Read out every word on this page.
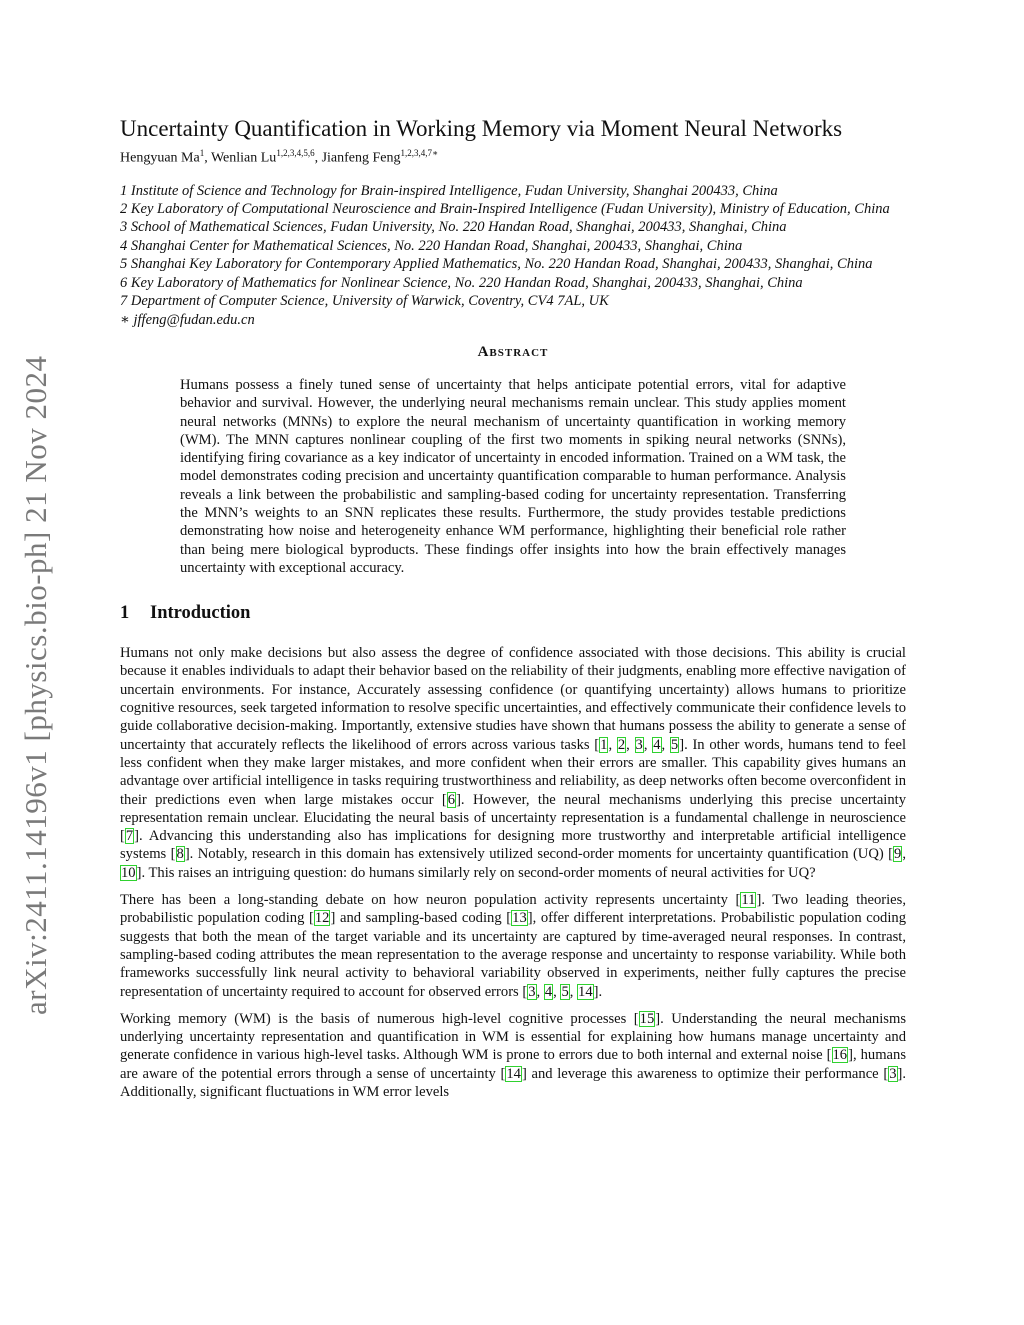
arXiv:2411.14196v1 [physics.bio-ph] 21 Nov 2024
Uncertainty Quantification in Working Memory via Moment Neural Networks
Hengyuan Ma$^1$, Wenlian Lu$^{1,2,3,4,5,6}$, Jianfeng Feng$^{1,2,3,4,7∗}$
1 Institute of Science and Technology for Brain-inspired Intelligence, Fudan University, Shanghai 200433, China
2 Key Laboratory of Computational Neuroscience and Brain-Inspired Intelligence (Fudan University), Ministry of Education, China
3 School of Mathematical Sciences, Fudan University, No. 220 Handan Road, Shanghai, 200433, Shanghai, China
4 Shanghai Center for Mathematical Sciences, No. 220 Handan Road, Shanghai, 200433, Shanghai, China
5 Shanghai Key Laboratory for Contemporary Applied Mathematics, No. 220 Handan Road, Shanghai, 200433, Shanghai, China
6 Key Laboratory of Mathematics for Nonlinear Science, No. 220 Handan Road, Shanghai, 200433, Shanghai, China
7 Department of Computer Science, University of Warwick, Coventry, CV4 7AL, UK
∗ jffeng@fudan.edu.cn
Abstract

Humans possess a finely tuned sense of uncertainty that helps anticipate potential errors, vital for adaptive behavior and survival. However, the underlying neural mechanisms remain unclear. This study applies moment neural networks (MNNs) to explore the neural mechanism of uncertainty quantification in working memory (WM). The MNN captures nonlinear coupling of the first two moments in spiking neural networks (SNNs), identifying firing covariance as a key indicator of uncertainty in encoded information. Trained on a WM task, the model demonstrates coding precision and uncertainty quantification comparable to human performance. Analysis reveals a link between the probabilistic and sampling-based coding for uncertainty representation. Transferring the MNN’s weights to an SNN replicates these results. Furthermore, the study provides testable predictions demonstrating how noise and heterogeneity enhance WM performance, highlighting their beneficial role rather than being mere biological byproducts. These findings offer insights into how the brain effectively manages uncertainty with exceptional accuracy.

1 Introduction

Humans not only make decisions but also assess the degree of confidence associated with those decisions. This ability is crucial because it enables individuals to adapt their behavior based on the reliability of their judgments, enabling more effective navigation of uncertain environments. For instance, Accurately assessing confidence (or quantifying uncertainty) allows humans to prioritize cognitive resources, seek targeted information to resolve specific uncertainties, and effectively communicate their confidence levels to guide collaborative decision-making. Importantly, extensive studies have shown that humans possess the ability to generate a sense of uncertainty that accurately reflects the likelihood of errors across various tasks [1, 2, 3, 4, 5]. In other words, humans tend to feel less confident when they make larger mistakes, and more confident when their errors are smaller. This capability gives humans an advantage over artificial intelligence in tasks requiring trustworthiness and reliability, as deep networks often become overconfident in their predictions even when large mistakes occur [6]. However, the neural mechanisms underlying this precise uncertainty representation remain unclear. Elucidating the neural basis of uncertainty representation is a fundamental challenge in neuroscience [7]. Advancing this understanding also has implications for designing more trustworthy and interpretable artificial intelligence systems [8]. Notably, research in this domain has extensively utilized second-order moments for uncertainty quantification (UQ) [9, 10]. This raises an intriguing question: do humans similarly rely on second-order moments of neural activities for UQ?

There has been a long-standing debate on how neuron population activity represents uncertainty [11]. Two leading theories, probabilistic population coding [12] and sampling-based coding [13], offer different interpretations. Probabilistic population coding suggests that both the mean of the target variable and its uncertainty are captured by time-averaged neural responses. In contrast, sampling-based coding attributes the mean representation to the average response and uncertainty to response variability. While both frameworks successfully link neural activity to behavioral variability observed in experiments, neither fully captures the precise representation of uncertainty required to account for observed errors [3, 4, 5, 14].

Working memory (WM) is the basis of numerous high-level cognitive processes [15]. Understanding the neural mechanisms underlying uncertainty representation and quantification in WM is essential for explaining how humans manage uncertainty and generate confidence in various high-level tasks. Although WM is prone to errors due to both internal and external noise [16], humans are aware of the potential errors through a sense of uncertainty [14] and leverage this awareness to optimize their performance [3]. Additionally, significant fluctuations in WM error levels
